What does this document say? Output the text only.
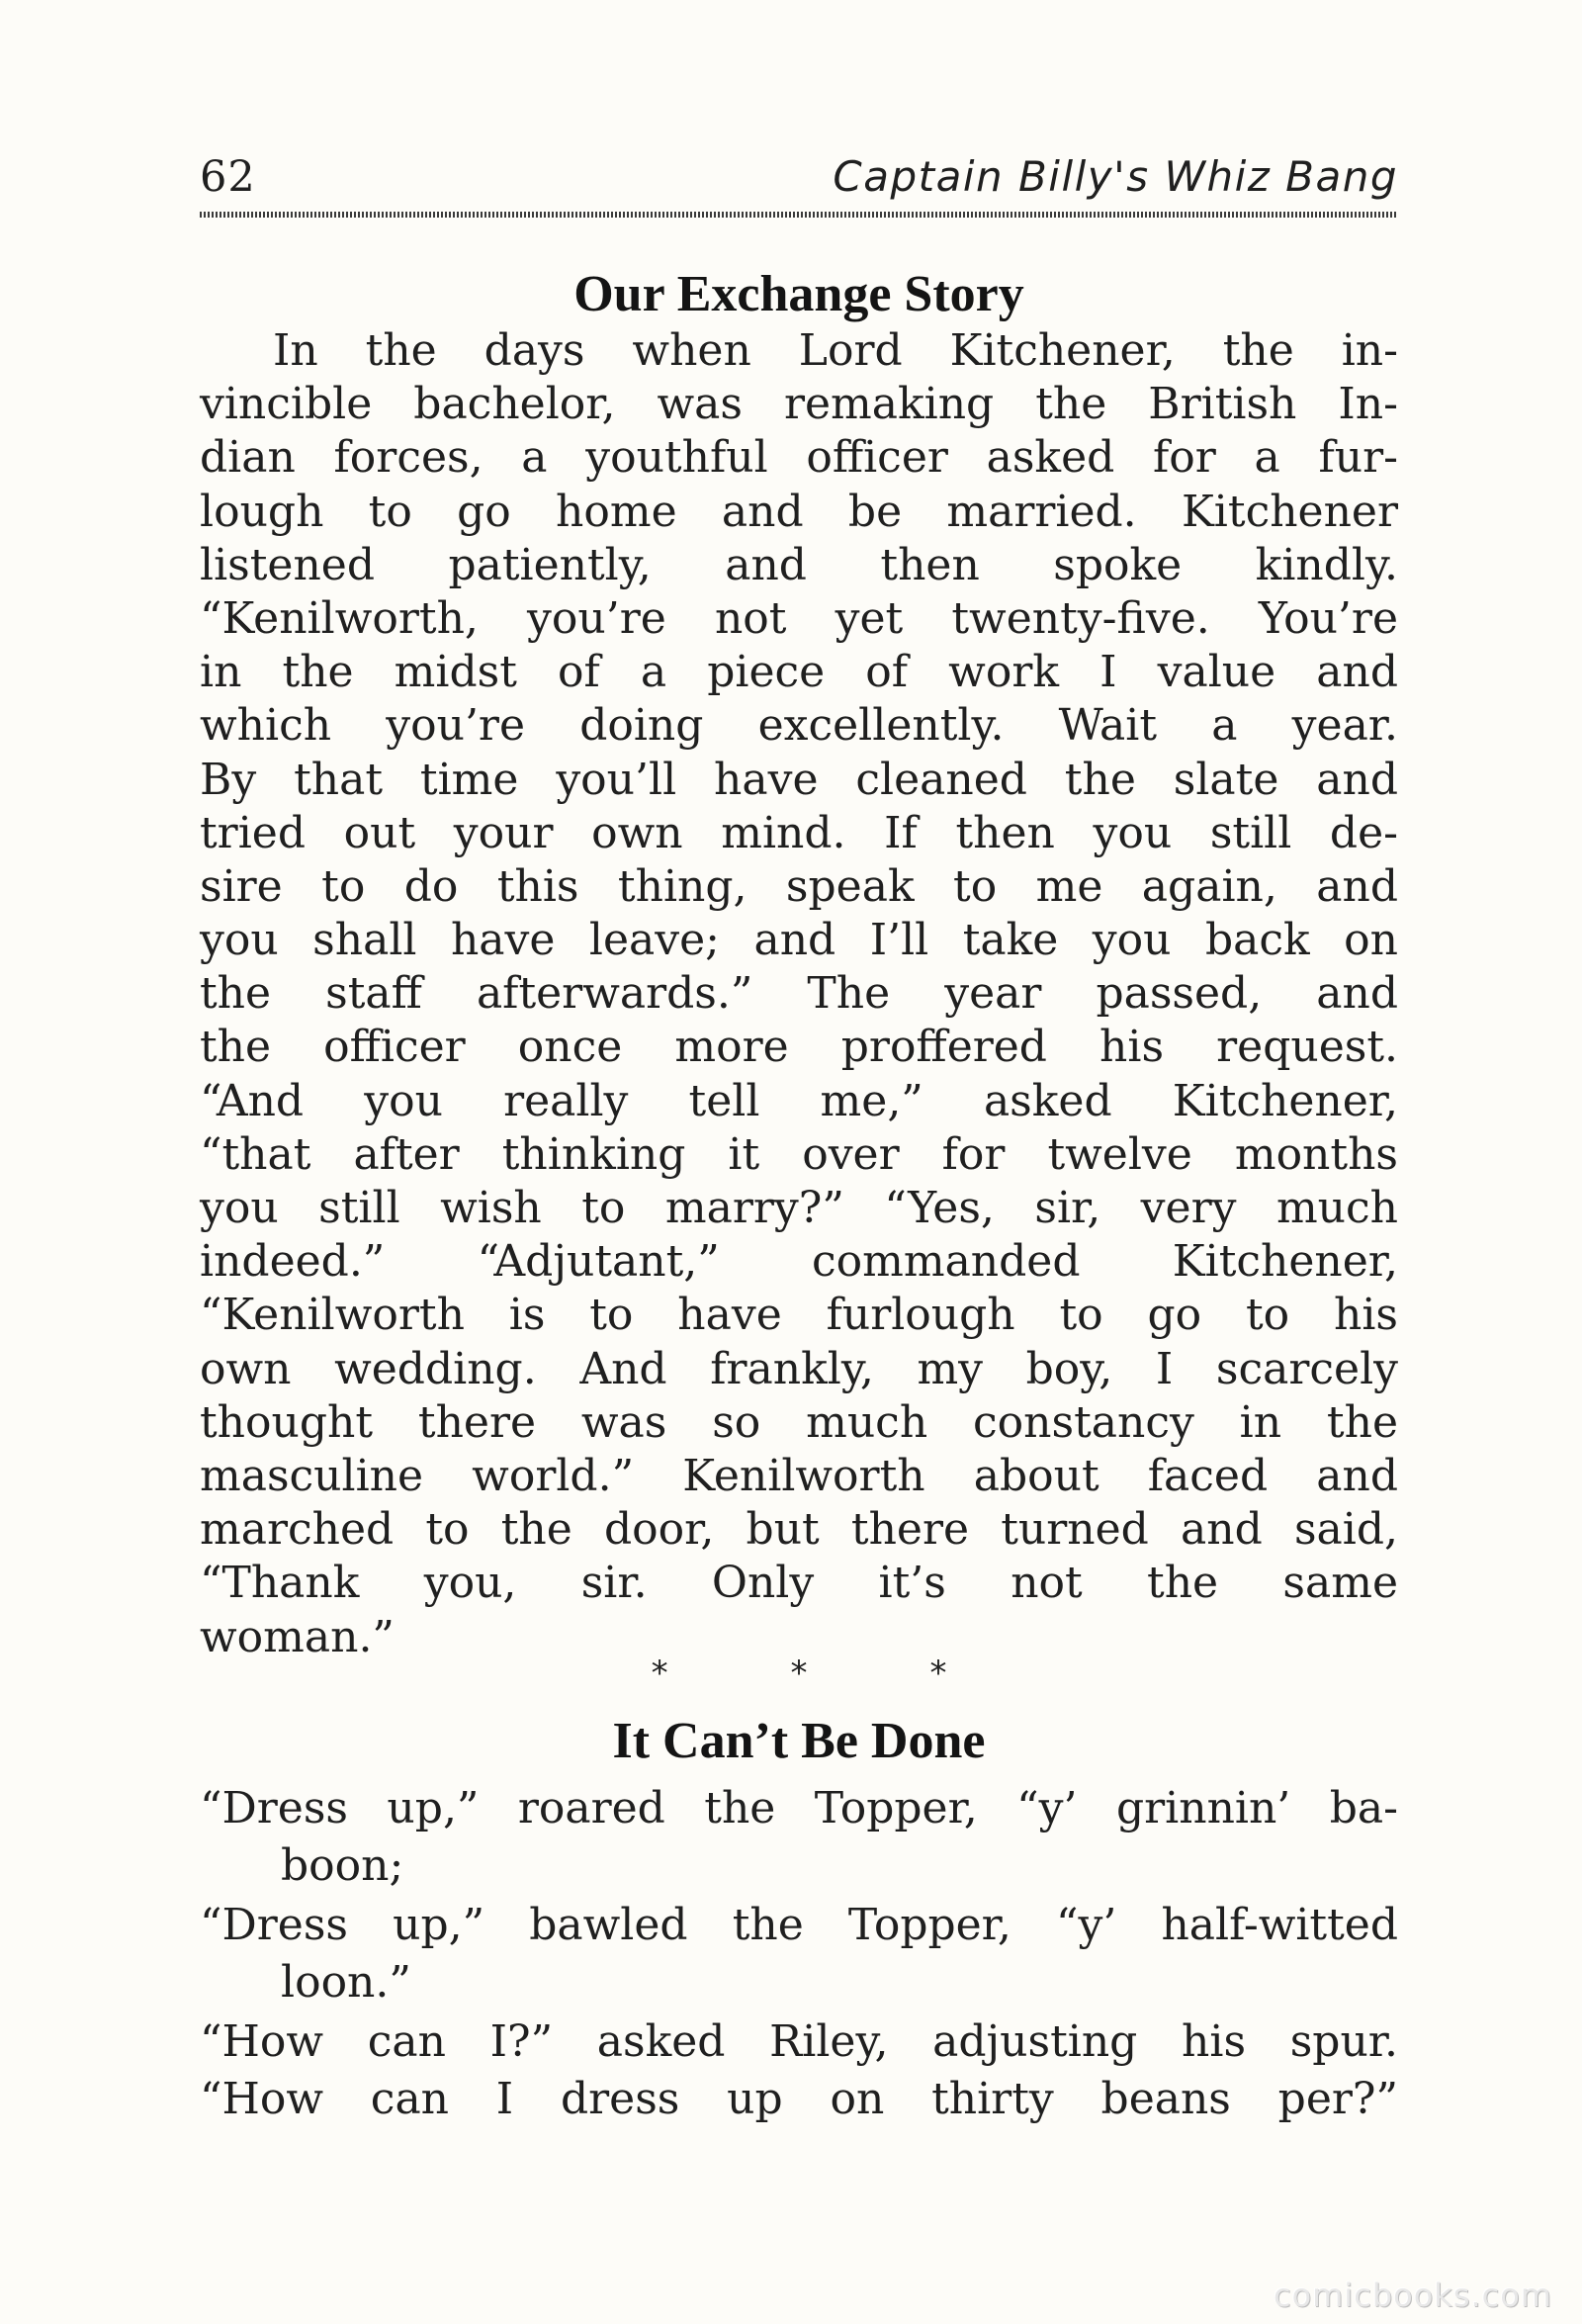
62	Captain Billy's Whiz Bang
Our Exchange Story
In the days when Lord Kitchener, the in-
vincible bachelor, was remaking the British In-
dian forces, a youthful officer asked for a fur-
lough to go home and be married. Kitchener
listened patiently, and then spoke kindly.
“Kenilworth, you’re not yet twenty-five. You’re
in the midst of a piece of work I value and
which you’re doing excellently. Wait a year.
By that time you’ll have cleaned the slate and
tried out your own mind. If then you still de-
sire to do this thing, speak to me again, and
you shall have leave; and I’ll take you back on
the staff afterwards.” The year passed, and
the officer once more proffered his request.
“And you really tell me,” asked Kitchener,
“that after thinking it over for twelve months
you still wish to marry?” “Yes, sir, very much
indeed.” “Adjutant,” commanded Kitchener,
“Kenilworth is to have furlough to go to his
own wedding. And frankly, my boy, I scarcely
thought there was so much constancy in the
masculine world.” Kenilworth about faced and
marched to the door, but there turned and said,
“Thank you, sir. Only it’s not the same
woman.”
* * *
It Can’t Be Done
“Dress up,” roared the Topper, “y’ grinnin’ ba-
boon;
“Dress up,” bawled the Topper, “y’ half-witted
loon.”
“How can I?” asked Riley, adjusting his spur.
“How can I dress up on thirty beans per?”
comicbooks.com
